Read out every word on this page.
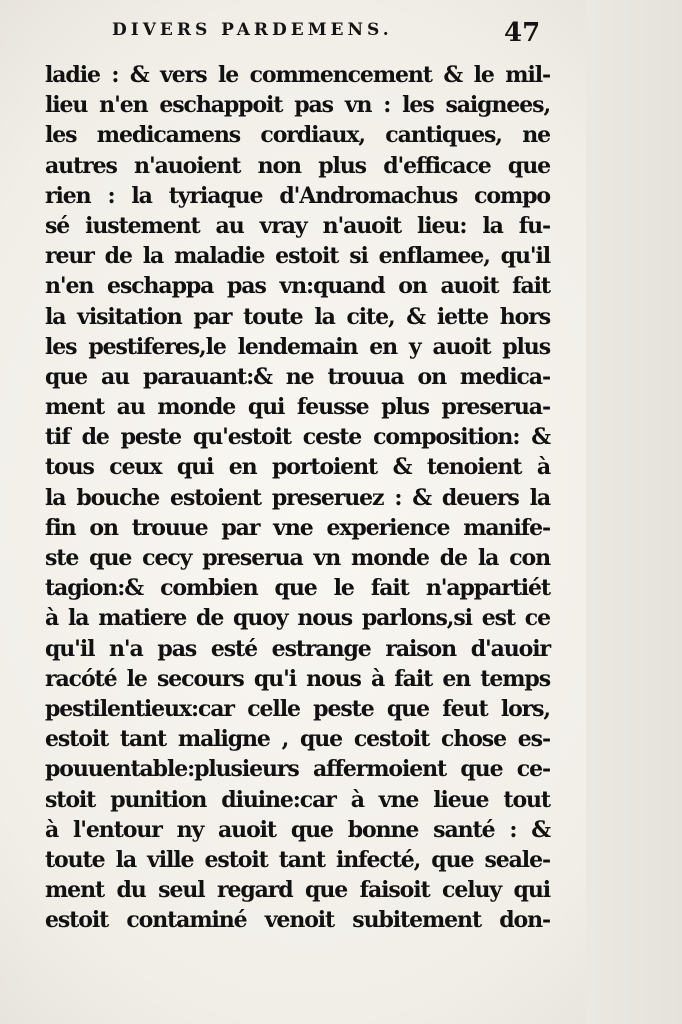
DIVERS PARDEMENS.	47
ladie : & vers le commencement & le mil-
lieu n'en eschappoit pas vn : les saignees,
les medicamens cordiaux, cantiques, ne
autres n'auoient non plus d'efficace que
rien : la tyriaque d'Andromachus compo
sé iustement au vray n'auoit lieu: la fu-
reur de la maladie estoit si enflamee, qu'il
n'en eschappa pas vn:quand on auoit fait
la visitation par toute la cite, & iette hors
les pestiferes,le lendemain en y auoit plus
que au parauant:& ne trouua on medica-
ment au monde qui feusse plus preserua-
tif de peste qu'estoit ceste composition: &
tous ceux qui en portoient & tenoient à
la bouche estoient preseruez : & deuers la
fin on trouue par vne experience manife-
ste que cecy preserua vn monde de la con
tagion:& combien que le fait n'appartiét
à la matiere de quoy nous parlons,si est ce
qu'il n'a pas esté estrange raison d'auoir
racóté le secours qu'i nous à fait en temps
pestilentieux:car celle peste que feut lors,
estoit tant maligne , que cestoit chose es-
pouuentable:plusieurs affermoient que ce-
stoit punition diuine:car à vne lieue tout
à l'entour ny auoit que bonne santé : &
toute la ville estoit tant infecté, que seale-
ment du seul regard que faisoit celuy qui
estoit contaminé venoit subitement don-
